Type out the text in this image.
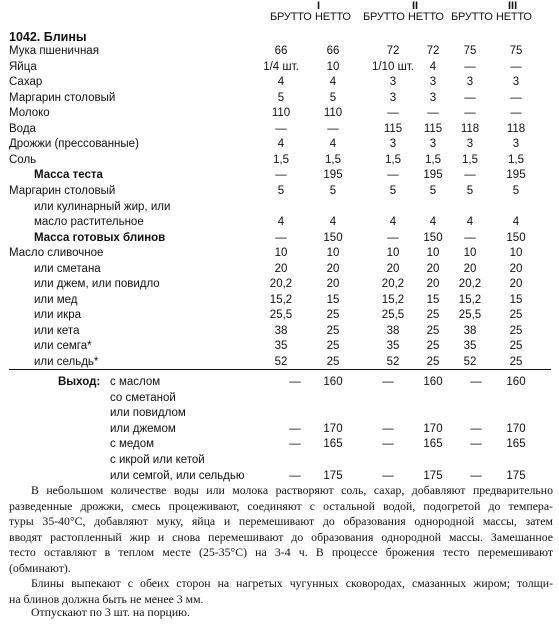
I	II	III
БРУТТО НЕТТО БРУТТО НЕТТО БРУТТО НЕТТО
1042. Блины
Мука пшеничная	66	66	72	72	75	75
Яйца	1/4 шт.	10	1/10 шт.	4	—	—
Сахар	4	4	3	3	3	3
Маргарин столовый	5	5	3	3	—	—
Молоко	110	110	—	—	—	—
Вода	—	—	115	115	118	118
Дрожжи (прессованные)	4	4	3	3	3	3
Соль	1,5	1,5	1,5	1,5	1,5	1,5
Масса теста	—	195	—	195	—	195
Маргарин столовый	5	5	5	5	5	5
или кулинарный жир, или
масло растительное	4	4	4	4	4	4
Масса готовых блинов	—	150	—	150	—	150
Масло сливочное	10	10	10	10	10	10
или сметана	20	20	20	20	20	20
или джем, или повидло	20,2	20	20,2	20	20,2	20
или мед	15,2	15	15,2	15	15,2	15
или икра	25,5	25	25,5	25	25,5	25
или кета	38	25	38	25	38	25
или семга*	35	25	35	25	35	25
или сельдь*	52	25	52	25	52	25
Выход: с маслом	—	160	—	160	—	160
со сметаной
или повидлом
или джемом	—	170	—	170	—	170
с медом	—	165	—	165	—	165
с икрой или кетой
или семгой, или сельдью	—	175	—	175	—	175
В небольшом количестве воды или молока растворяют соль, сахар, добавляют предварительно
разведенные дрожжи, смесь процеживают, соединяют с остальной водой, подогретой до темпера-
туры 35-40°С, добавляют муку, яйца и перемешивают до образования однородной массы, затем
вводят растопленный жир и снова перемешивают до образования однородной массы. Замешанное
тесто оставляют в теплом месте (25-35°С) на 3-4 ч. В процессе брожения тесто перемешивают
(обминают).
Блины выпекают с обеих сторон на нагретых чугунных сковородах, смазанных жиром; толщи-
на блинов должна быть не менее 3 мм.
Отпускают по 3 шт. на порцию.
